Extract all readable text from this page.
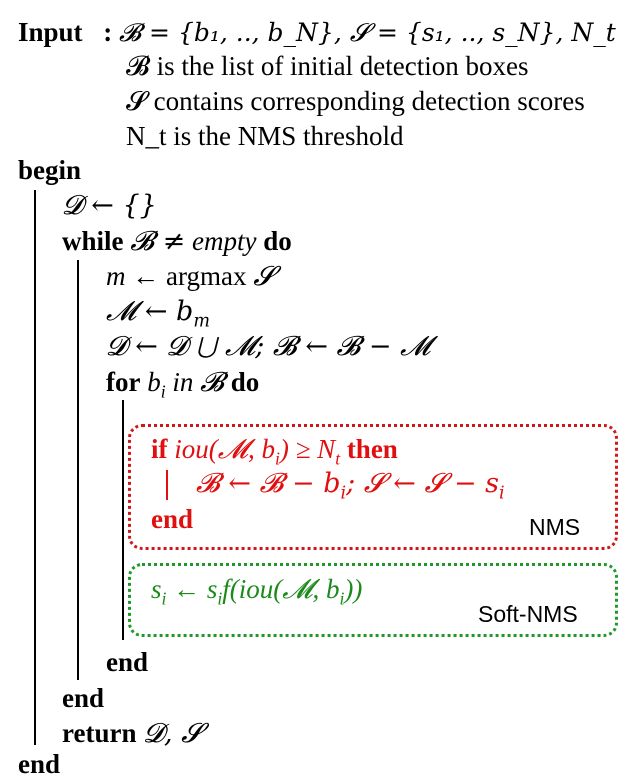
Input : 𝓑 = {b₁, .., b_N}, 𝓢 = {s₁, .., s_N}, N_t
𝓑 is the list of initial detection boxes
𝓢 contains corresponding detection scores
N_t is the NMS threshold
begin
𝓓 ← {}
while 𝓑 ≠ empty do
m ← argmax 𝓢
𝓜 ← $b_m$
𝓓 ← 𝓓 ⋃ 𝓜; 𝓑 ← 𝓑 − 𝓜
for $b_i$ in 𝓑 do
if iou(𝓜, $b_i) \ge N_t$ then
𝓑 ← 𝓑 − $b_i$; 𝓢 ← 𝓢 − $s_i$
end	NMS
$s_i$ ← $s_if(iou(𝓜$, $b_i$))
Soft-NMS
end
end
return 𝓓, 𝓢
end
